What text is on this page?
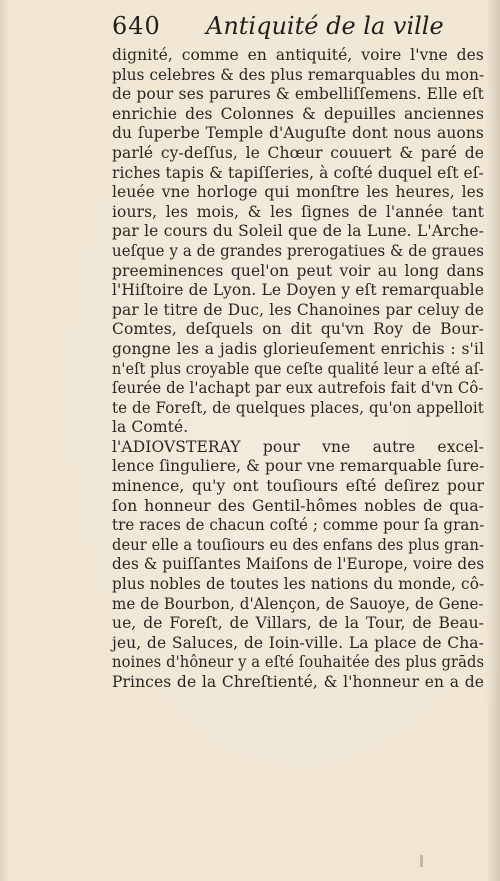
640 Antiquité de la ville
dignité, comme en antiquité, voire l'vne des
plus celebres & des plus remarquables du mon-
de pour ses parures & embelliſſemens. Elle eſt
enrichie des Colonnes & depuilles anciennes
du ſuperbe Temple d'Auguſte dont nous auons
parlé cy-deſſus, le Chœur couuert & paré de
riches tapis & tapiſſeries, à coſté duquel eſt eſ-
leuée vne horloge qui monſtre les heures, les
iours, les mois, & les ſignes de l'année tant
par le cours du Soleil que de la Lune. L'Arche-
ueſque y a de grandes prerogatiues & de graues
preeminences quel'on peut voir au long dans
l'Hiſtoire de Lyon. Le Doyen y eſt remarquable
par le titre de Duc, les Chanoines par celuy de
Comtes, deſquels on dit qu'vn Roy de Bour-
gongne les a jadis glorieuſement enrichis : s'il
n'eſt plus croyable que ceſte qualité leur a eſté aſ-
ſeurée de l'achapt par eux autrefois fait d'vn Cô-
te de Foreſt, de quelques places, qu'on appelloit
la Comté.
l'ADIOVSTERAY pour vne autre excel-
lence ſinguliere, & pour vne remarquable ſure-
minence, qu'y ont touſiours eſté deſirez pour
ſon honneur des Gentil-hômes nobles de qua-
tre races de chacun coſté ; comme pour ſa gran-
deur elle a touſiours eu des enfans des plus gran-
des & puiſſantes Maiſons de l'Europe, voire des
plus nobles de toutes les nations du monde, cô-
me de Bourbon, d'Alençon, de Sauoye, de Gene-
ue, de Foreſt, de Villars, de la Tour, de Beau-
jeu, de Saluces, de Ioin-ville. La place de Cha-
noines d'hôneur y a eſté ſouhaitée des plus grāds
Princes de la Chreſtienté, & l'honneur en a de
